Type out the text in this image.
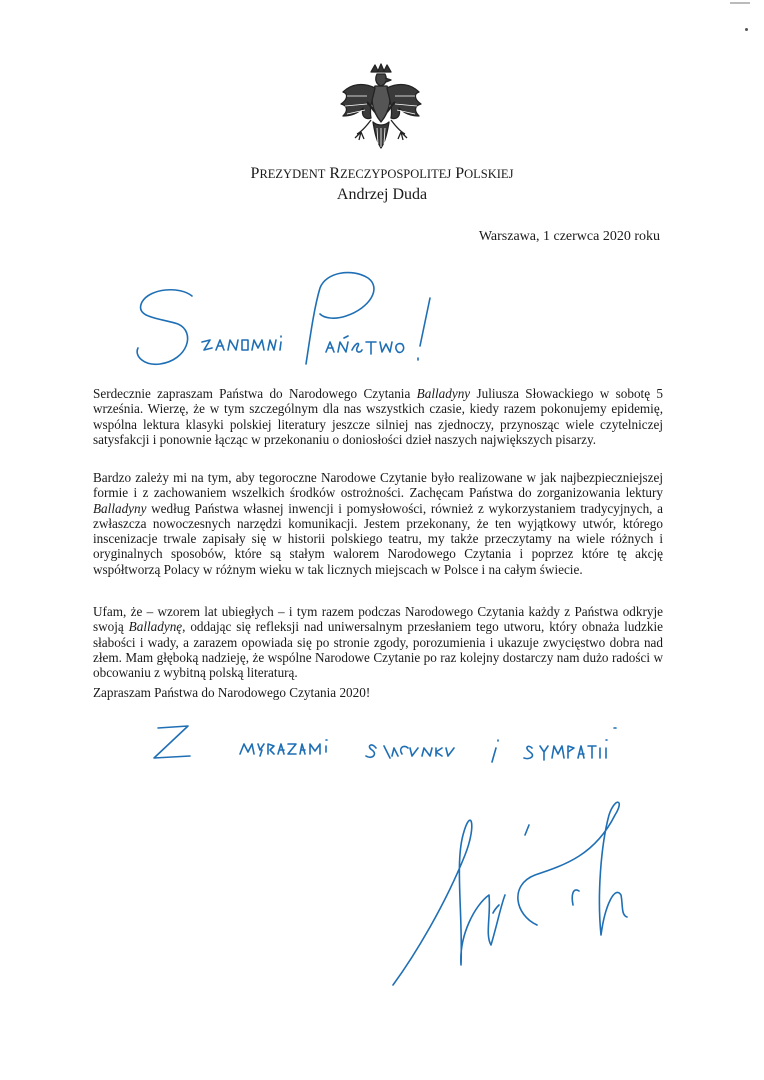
PREZYDENT RZECZYPOSPOLITEJ POLSKIEJ
Andrzej Duda
Warszawa, 1 czerwca 2020 roku
Serdecznie zapraszam Państwa do Narodowego Czytania Balladyny Juliusza Słowackiego w sobotę 5 września. Wierzę, że w tym szczególnym dla nas wszystkich czasie, kiedy razem pokonujemy epidemię, wspólna lektura klasyki polskiej literatury jeszcze silniej nas zjednoczy, przynosząc wiele czytelniczej satysfakcji i ponownie łącząc w przekonaniu o doniosłości dzieł naszych największych pisarzy.
Bardzo zależy mi na tym, aby tegoroczne Narodowe Czytanie było realizowane w jak najbezpieczniejszej formie i z zachowaniem wszelkich środków ostrożności. Zachęcam Państwa do zorganizowania lektury Balladyny według Państwa własnej inwencji i pomysłowości, również z wykorzystaniem tradycyjnych, a zwłaszcza nowoczesnych narzędzi komunikacji. Jestem przekonany, że ten wyjątkowy utwór, którego inscenizacje trwale zapisały się w historii polskiego teatru, my także przeczytamy na wiele różnych i oryginalnych sposobów, które są stałym walorem Narodowego Czytania i poprzez które tę akcję współtworzą Polacy w różnym wieku w tak licznych miejscach w Polsce i na całym świecie.
Ufam, że – wzorem lat ubiegłych – i tym razem podczas Narodowego Czytania każdy z Państwa odkryje swoją Balladynę, oddając się refleksji nad uniwersalnym przesłaniem tego utworu, który obnaża ludzkie słabości i wady, a zarazem opowiada się po stronie zgody, porozumienia i ukazuje zwycięstwo dobra nad złem. Mam głęboką nadzieję, że wspólne Narodowe Czytanie po raz kolejny dostarczy nam dużo radości w obcowaniu z wybitną polską literaturą.
Zapraszam Państwa do Narodowego Czytania 2020!
